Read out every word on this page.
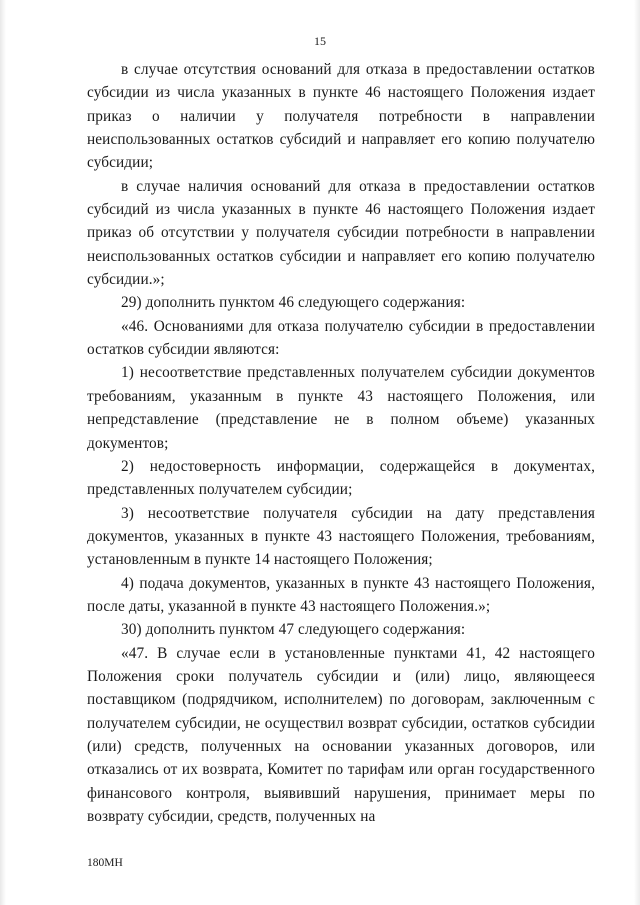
15

в случае отсутствия оснований для отказа в предоставлении остатков субсидии из числа указанных в пункте 46 настоящего Положения издает приказ о наличии у получателя потребности в направлении неиспользованных остатков субсидий и направляет его копию получателю субсидии;

в случае наличия оснований для отказа в предоставлении остатков субсидий из числа указанных в пункте 46 настоящего Положения издает приказ об отсутствии у получателя субсидии потребности в направлении неиспользованных остатков субсидии и направляет его копию получателю субсидии.»;

29) дополнить пунктом 46 следующего содержания:

«46. Основаниями для отказа получателю субсидии в предоставлении остатков субсидии являются:

1) несоответствие представленных получателем субсидии документов требованиям, указанным в пункте 43 настоящего Положения, или непредставление (представление не в полном объеме) указанных документов;

2) недостоверность информации, содержащейся в документах, представленных получателем субсидии;

3) несоответствие получателя субсидии на дату представления документов, указанных в пункте 43 настоящего Положения, требованиям, установленным в пункте 14 настоящего Положения;

4) подача документов, указанных в пункте 43 настоящего Положения, после даты, указанной в пункте 43 настоящего Положения.»;

30) дополнить пунктом 47 следующего содержания:

«47. В случае если в установленные пунктами 41, 42 настоящего Положения сроки получатель субсидии и (или) лицо, являющееся поставщиком (подрядчиком, исполнителем) по договорам, заключенным с получателем субсидии, не осуществил возврат субсидии, остатков субсидии (или) средств, полученных на основании указанных договоров, или отказались от их возврата, Комитет по тарифам или орган государственного финансового контроля, выявивший нарушения, принимает меры по возврату субсидии, средств, полученных на

180МН
